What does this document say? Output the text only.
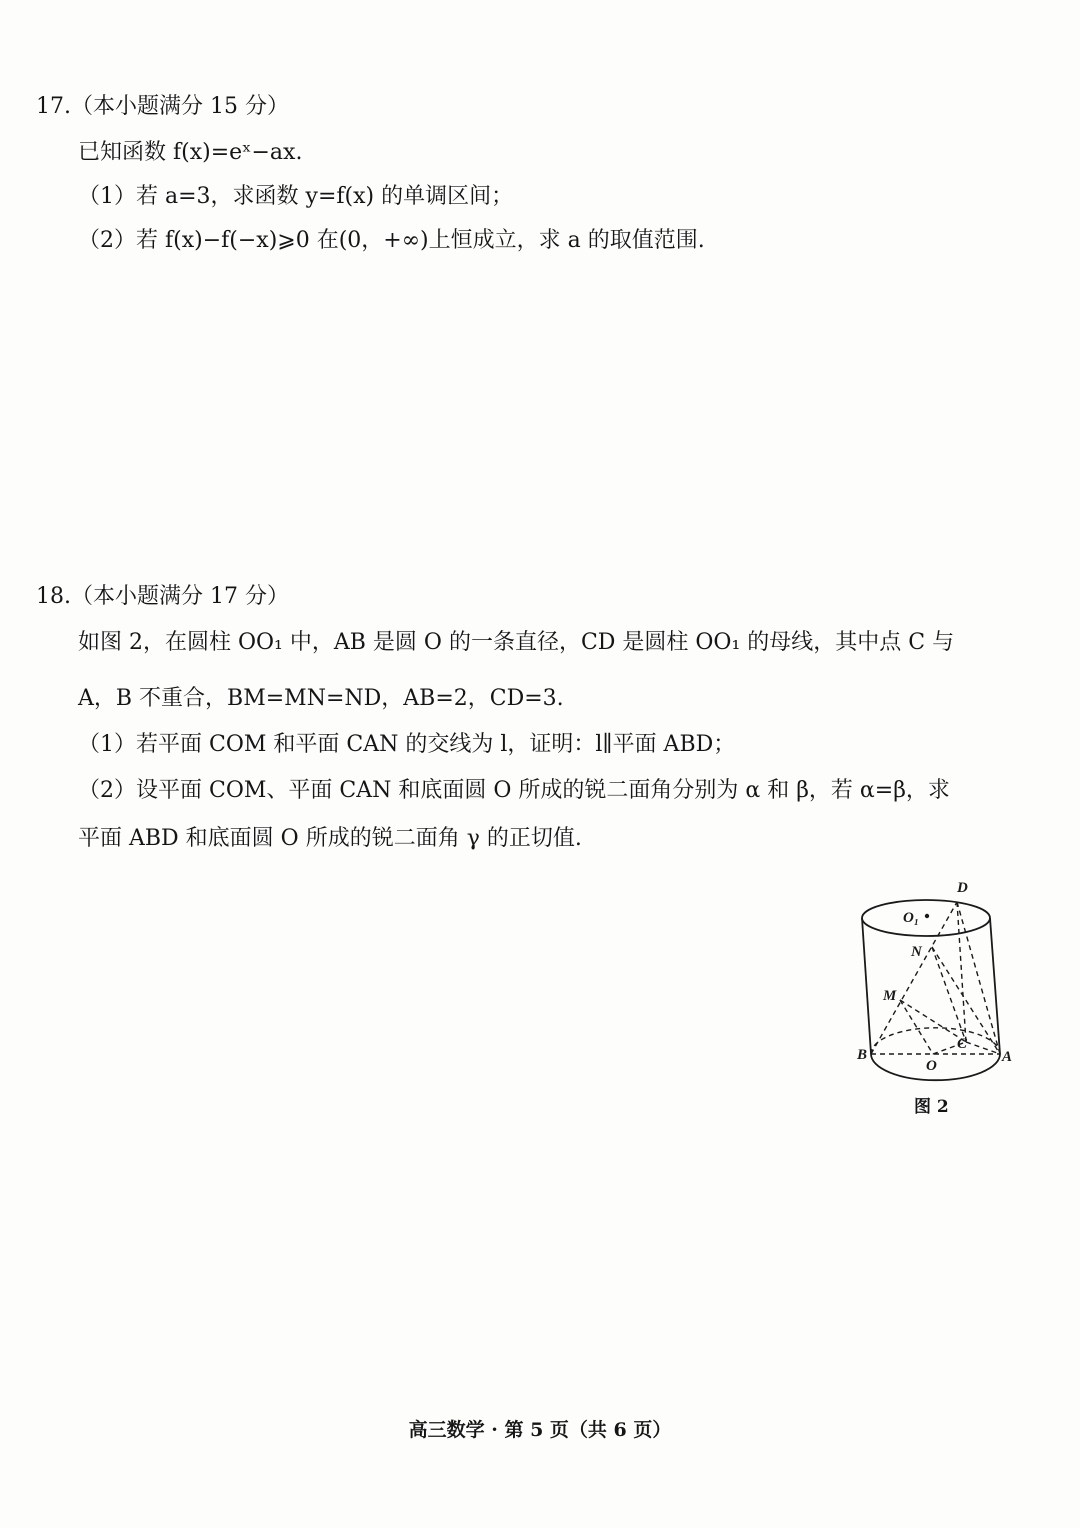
17.（本小题满分 15 分）
已知函数 f(x)=eˣ−ax.
（1）若 a=3，求函数 y=f(x) 的单调区间；
（2）若 f(x)−f(−x)⩾0 在(0，+∞)上恒成立，求 a 的取值范围.
18.（本小题满分 17 分）
如图 2，在圆柱 OO₁ 中，AB 是圆 O 的一条直径，CD 是圆柱 OO₁ 的母线，其中点 C 与
A，B 不重合，BM=MN=ND，AB=2，CD=3.
（1）若平面 COM 和平面 CAN 的交线为 l，证明：l∥平面 ABD；
（2）设平面 COM、平面 CAN 和底面圆 O 所成的锐二面角分别为 α 和 β，若 α=β，求
平面 ABD 和底面圆 O 所成的锐二面角 γ 的正切值.
D
O₁
N
M
B
C
O
A
图 2
高三数学 · 第 5 页（共 6 页）
